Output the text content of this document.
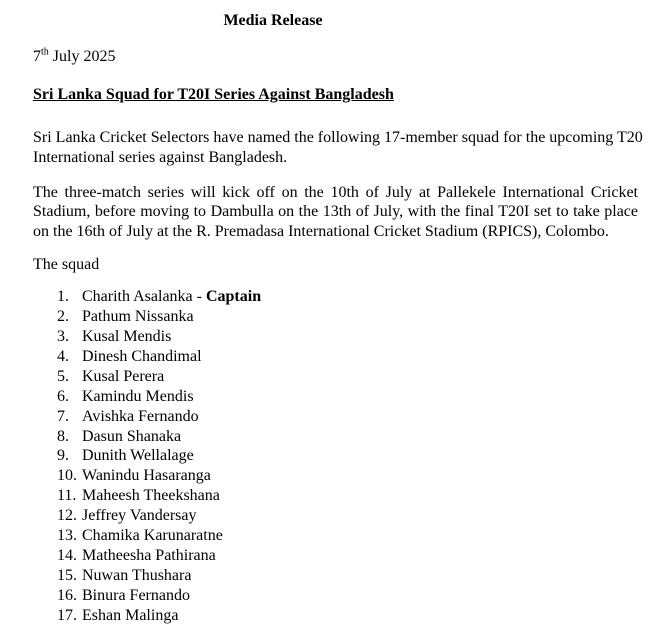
Media Release
7th July 2025
Sri Lanka Squad for T20I Series Against Bangladesh
Sri Lanka Cricket Selectors have named the following 17-member squad for the upcoming T20
International series against Bangladesh.
The three-match series will kick off on the 10th of July at Pallekele International Cricket
Stadium, before moving to Dambulla on the 13th of July, with the final T20I set to take place
on the 16th of July at the R. Premadasa International Cricket Stadium (RPICS), Colombo.
The squad
1. Charith Asalanka - Captain
2. Pathum Nissanka
3. Kusal Mendis
4. Dinesh Chandimal
5. Kusal Perera
6. Kamindu Mendis
7. Avishka Fernando
8. Dasun Shanaka
9. Dunith Wellalage
10. Wanindu Hasaranga
11. Maheesh Theekshana
12. Jeffrey Vandersay
13. Chamika Karunaratne
14. Matheesha Pathirana
15. Nuwan Thushara
16. Binura Fernando
17. Eshan Malinga
